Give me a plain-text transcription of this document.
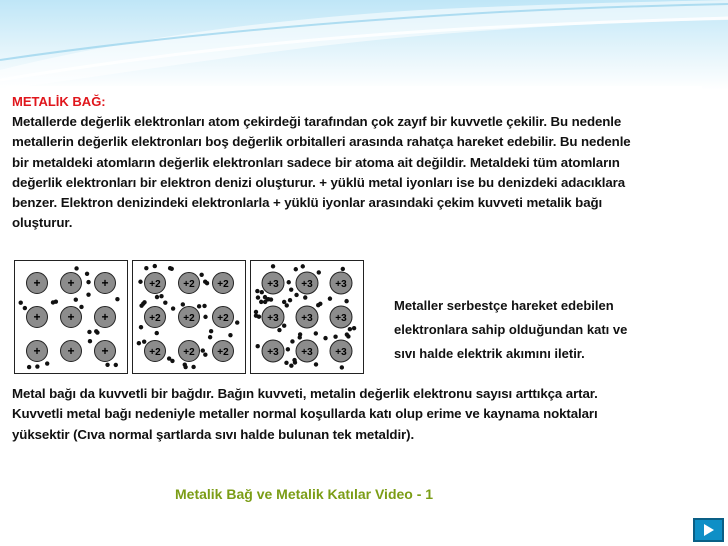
METALİK BAĞ:
Metallerde değerlik elektronları atom çekirdeği tarafından çok zayıf bir kuvvetle çekilir. Bu nedenle
metallerin değerlik elektronları boş değerlik orbitalleri arasında rahatça hareket edebilir. Bu nedenle
bir metaldeki atomların değerlik elektronları sadece bir atoma ait değildir. Metaldeki tüm atomların
değerlik elektronları bir elektron denizi oluşturur. + yüklü metal iyonları ise bu denizdeki adacıklara
benzer. Elektron denizindeki elektronlarla + yüklü iyonlar arasındaki çekim kuvveti metalik bağı
oluşturur.
+ + +
+ + +
+ + +
+2 +2 +2
+2 +2 +2
+2 +2 +2
+3 +3 +3
+3 +3 +3
+3 +3 +3
Metaller serbestçe hareket edebilen
elektronlara sahip olduğundan katı ve
sıvı halde elektrik akımını iletir.
Metal bağı da kuvvetli bir bağdır. Bağın kuvveti, metalin değerlik elektronu sayısı arttıkça artar.
Kuvvetli metal bağı nedeniyle metaller normal koşullarda katı olup erime ve kaynama noktaları
yüksektir (Cıva normal şartlarda sıvı halde bulunan tek metaldir).
Metalik Bağ ve Metalik Katılar Video - 1
